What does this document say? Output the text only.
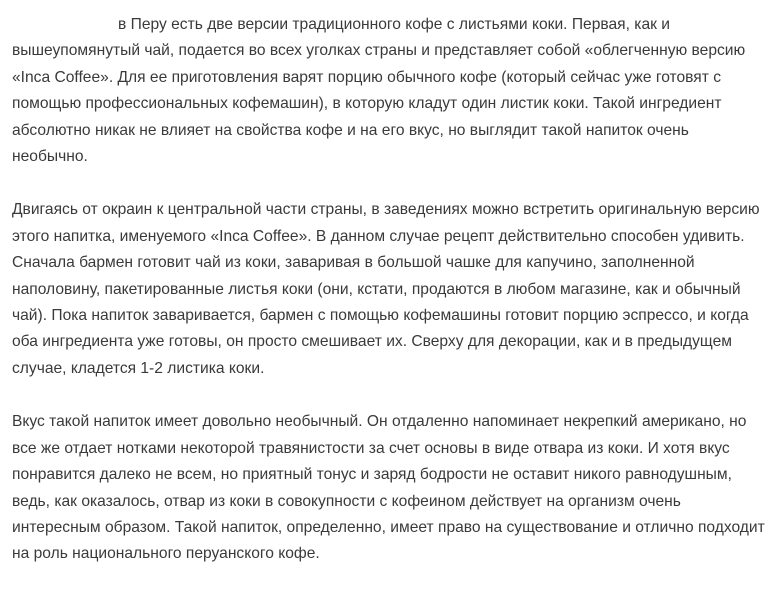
в Перу есть две версии традиционного кофе с листьями коки. Первая, как и вышеупомянутый чай, подается во всех уголках страны и представляет собой «облегченную версию «Inca Coffee». Для ее приготовления варят порцию обычного кофе (который сейчас уже готовят с помощью профессиональных кофемашин), в которую кладут один листик коки. Такой ингредиент абсолютно никак не влияет на свойства кофе и на его вкус, но выглядит такой напиток очень необычно.

Двигаясь от окраин к центральной части страны, в заведениях можно встретить оригинальную версию этого напитка, именуемого «Inca Coffee». В данном случае рецепт действительно способен удивить. Сначала бармен готовит чай из коки, заваривая в большой чашке для капучино, заполненной наполовину, пакетированные листья коки (они, кстати, продаются в любом магазине, как и обычный чай). Пока напиток заваривается, бармен с помощью кофемашины готовит порцию эспрессо, и когда оба ингредиента уже готовы, он просто смешивает их. Сверху для декорации, как и в предыдущем случае, кладется 1-2 листика коки.

Вкус такой напиток имеет довольно необычный. Он отдаленно напоминает некрепкий американо, но все же отдает нотками некоторой травянистости за счет основы в виде отвара из коки. И хотя вкус понравится далеко не всем, но приятный тонус и заряд бодрости не оставит никого равнодушным, ведь, как оказалось, отвар из коки в совокупности с кофеином действует на организм очень интересным образом. Такой напиток, определенно, имеет право на существование и отлично подходит на роль национального перуанского кофе.
